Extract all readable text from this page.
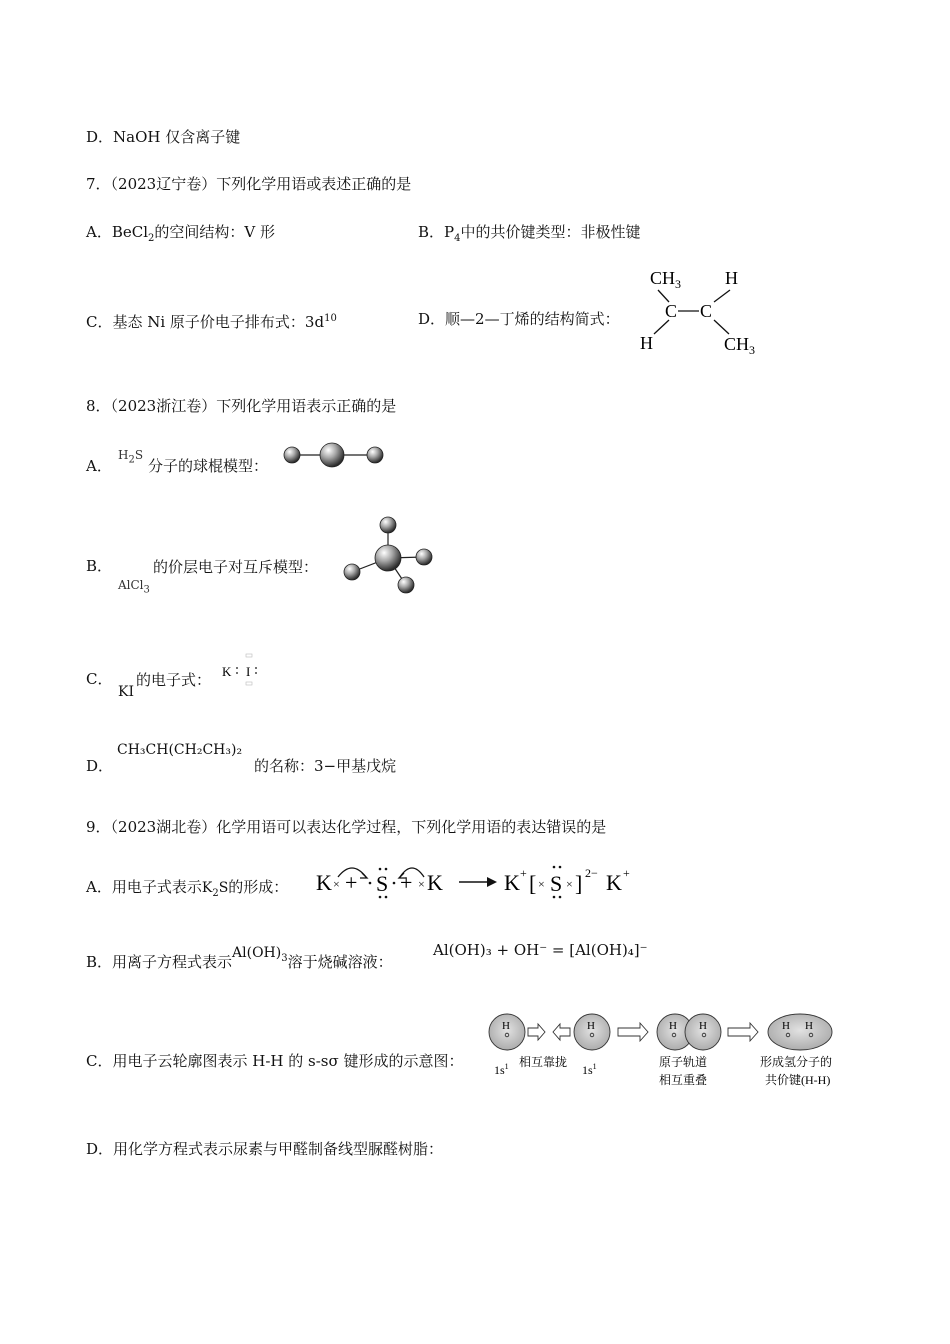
D．NaOH 仅含离子键
7．（2023辽宁卷）下列化学用语或表述正确的是
A．BeCl$_2$的空间结构：V 形	B．$P_4$中的共价键类型：非极性键
C．基态 Ni 原子价电子排布式：$3d^{10}$	D．顺—2—丁烯的结构简式：
$CH_3$ H
C C
H	$CH_3$
8．（2023浙江卷）下列化学用语表示正确的是
A．
$H_2S$
分子的球棍模型：
B．
AlCl$_3$
的价层电子对互斥模型：
C．
KI
的电子式： K I
D．
CH₃CH(CH₂CH₃)₂
的名称：3−甲基戊烷
9．（2023湖北卷）化学用语可以表达化学过程，下列化学用语的表达错误的是
A．用电子式表示$K_2S$的形成： K × + S + × K	K + [ × S × ] 2− K +
B．用离子方程式表示$Al(OH)_3$溶于烧碱溶液：
Al(OH)₃ + OH⁻ = [Al(OH)₄]⁻
C．用电子云轮廓图表示 H-H 的 s-sσ 键形成的示意图：
H	H	H H	H H
$1s^1$ 相互靠拢
$1s^1$	原子轨道
相互重叠
形成氢分子的
共价键(H-H)
D．用化学方程式表示尿素与甲醛制备线型脲醛树脂：
